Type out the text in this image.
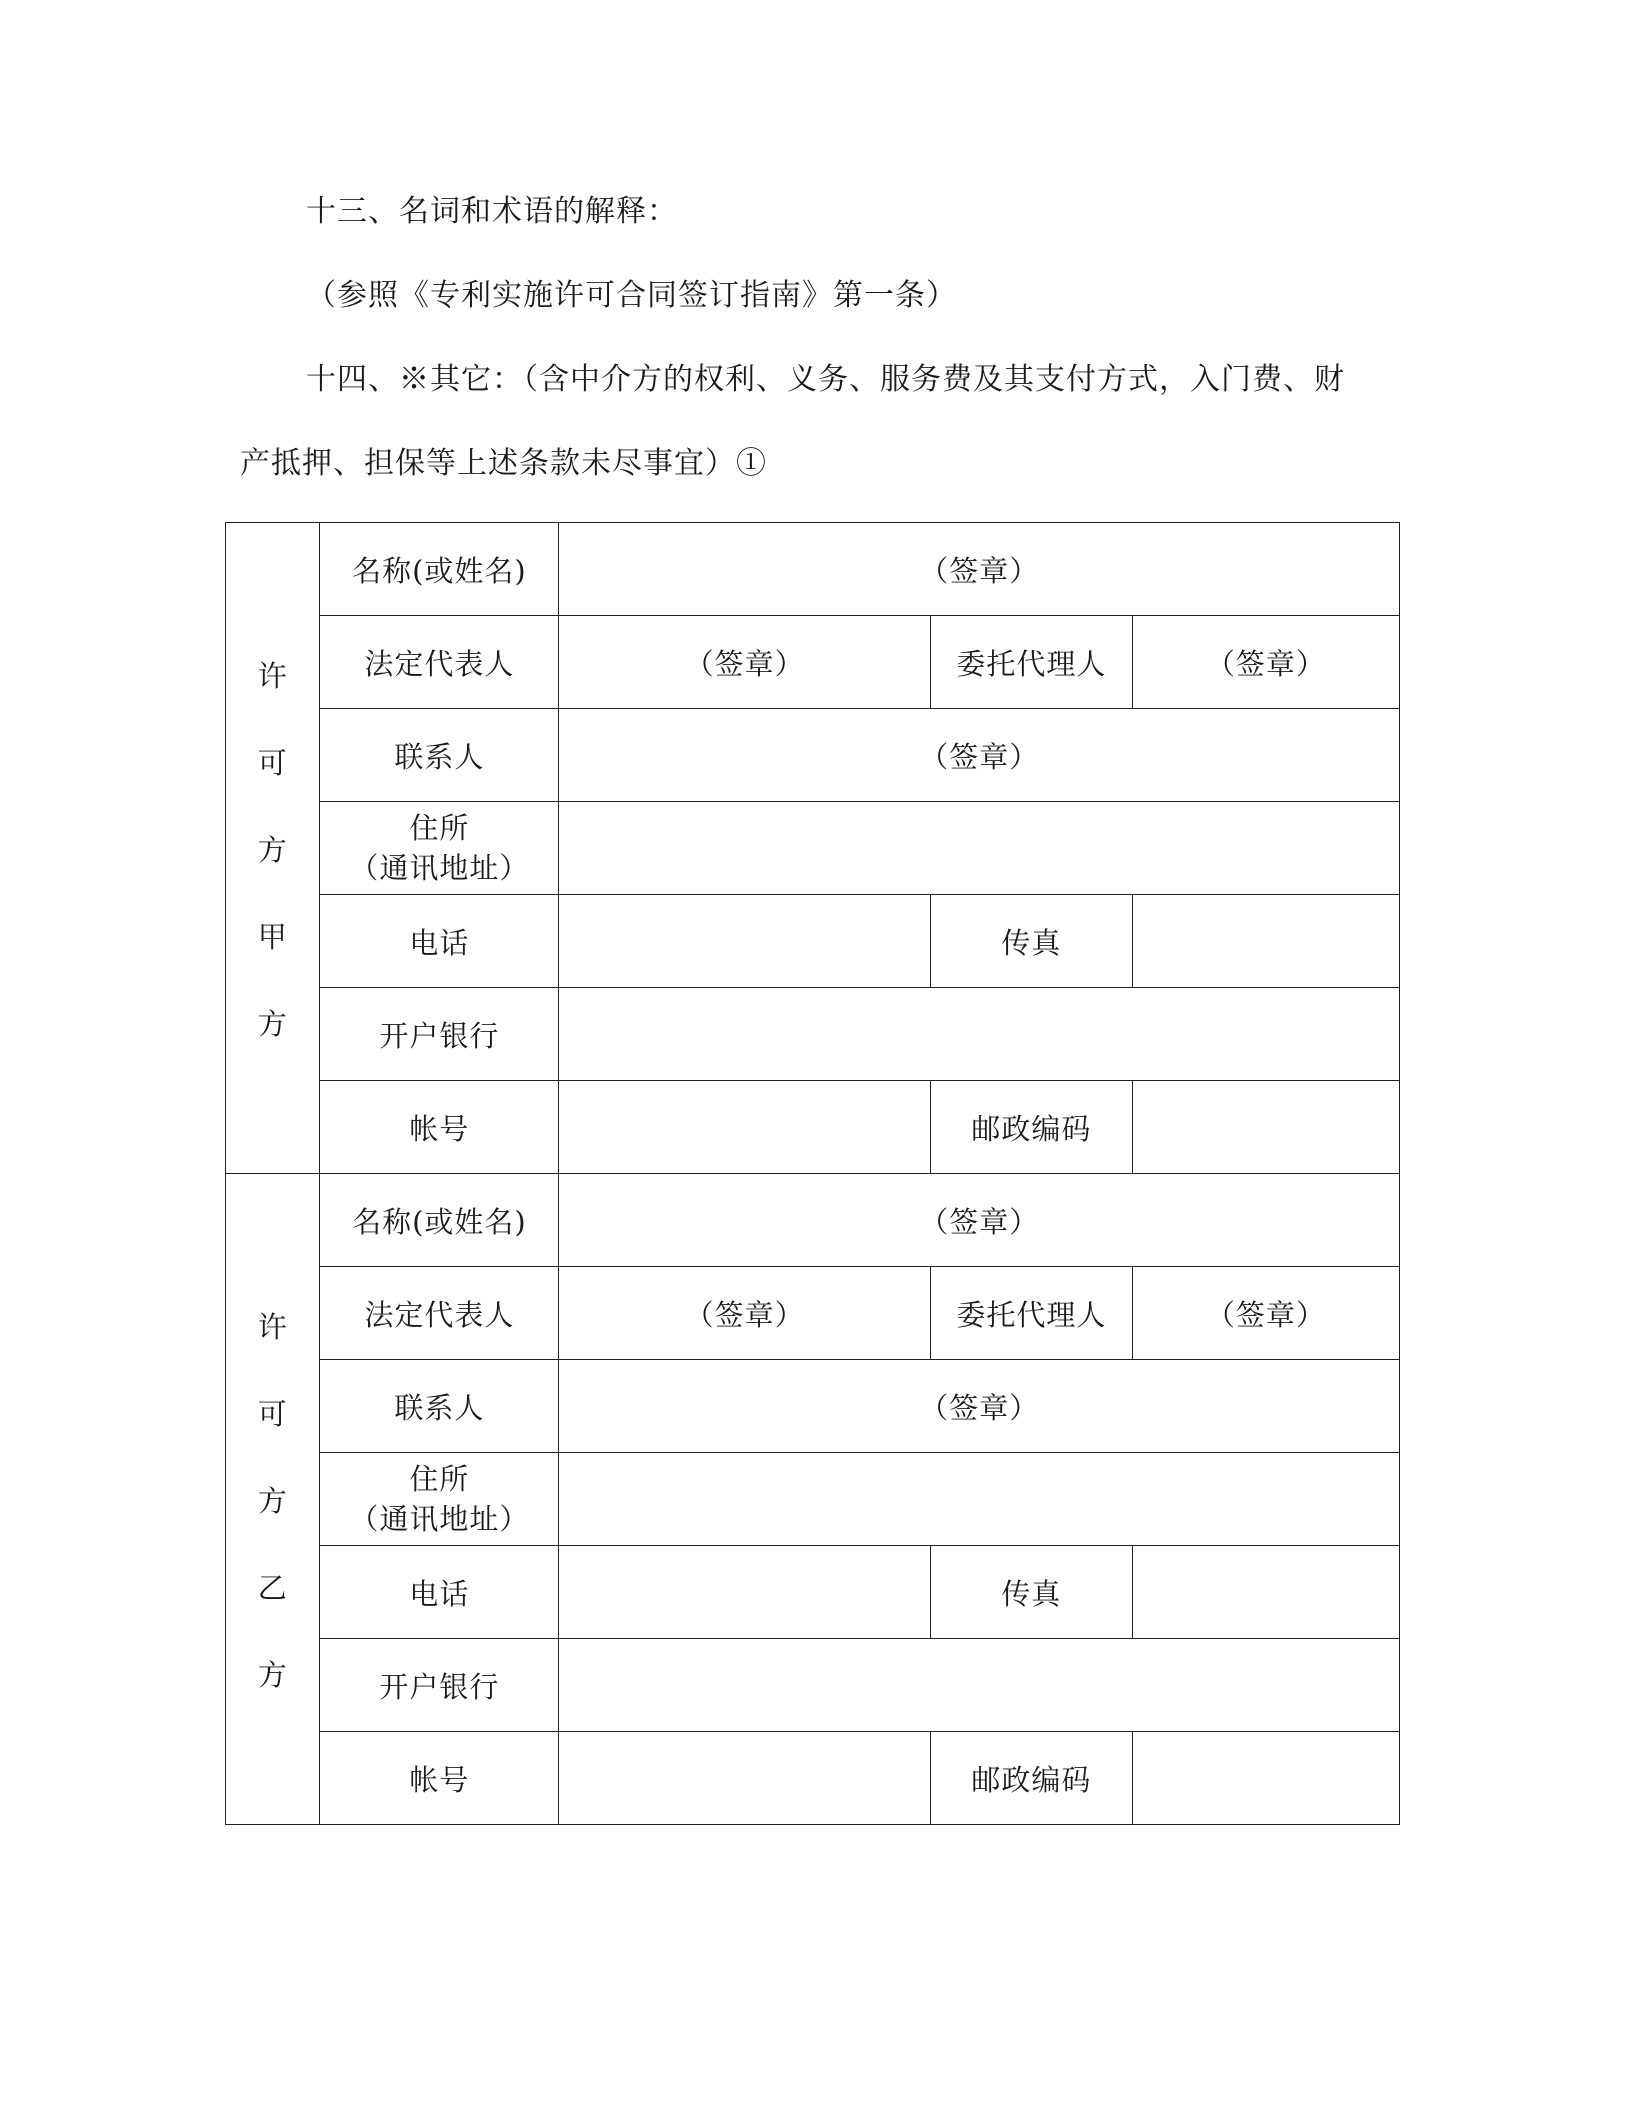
十三、名词和术语的解释：

（参照《专利实施许可合同签订指南》第一条）

十四、※其它：（含中介方的权利、义务、服务费及其支付方式，入门费、财

产抵押、担保等上述条款未尽事宜）①

许
可
方
甲
方	名称(或姓名)	（签章）		
	法定代表人	（签章）	委托代理人	（签章）
	联系人	（签章）		

	住所
（通讯地址）			

	电话		传真	
	开户银行			
	帐号		邮政编码	

许
可
方
乙
方	名称(或姓名)	（签章）		
	法定代表人	（签章）	委托代理人	（签章）
	联系人	（签章）		

	住所
（通讯地址）			

	电话		传真	
	开户银行			
	帐号		邮政编码	
